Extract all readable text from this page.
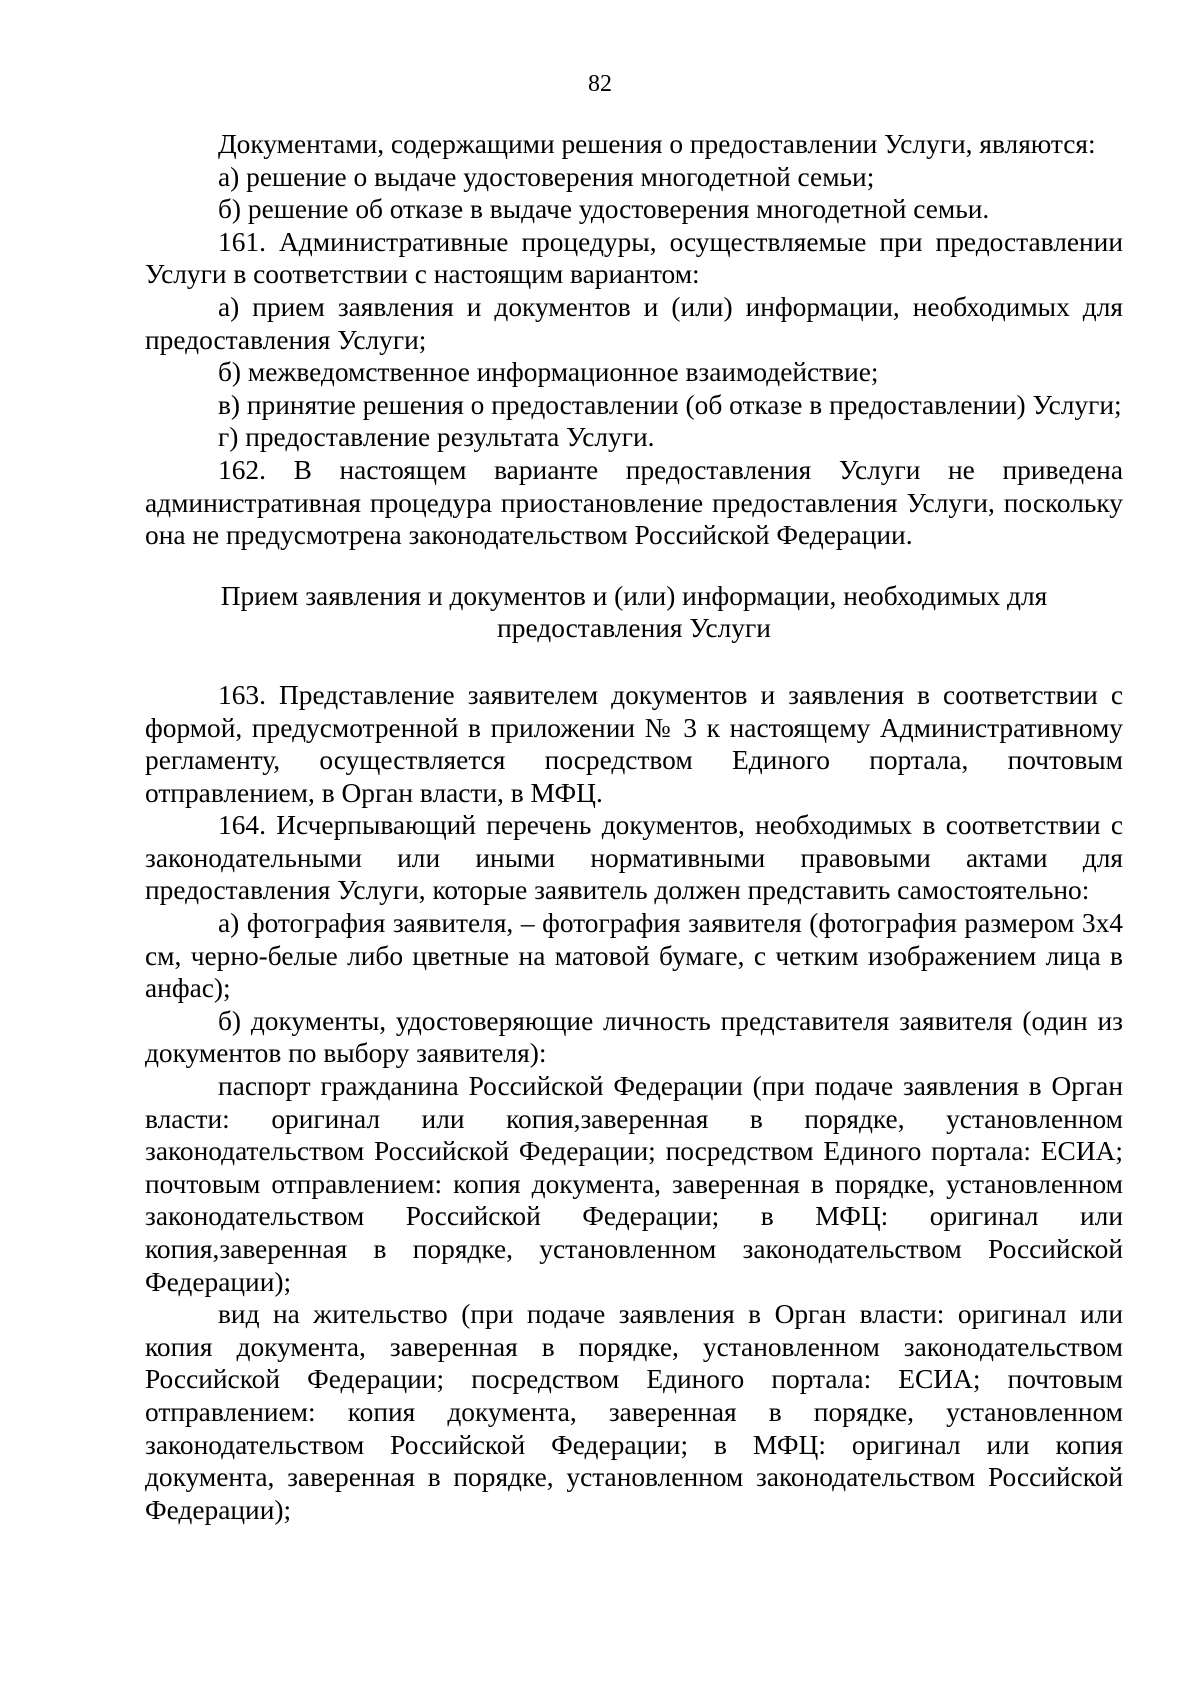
82

Документами, содержащими решения о предоставлении Услуги, являются:

а) решение о выдаче удостоверения многодетной семьи;

б) решение об отказе в выдаче удостоверения многодетной семьи.

161. Административные процедуры, осуществляемые при предоставлении Услуги в соответствии с настоящим вариантом:

а) прием заявления и документов и (или) информации, необходимых для предоставления Услуги;

б) межведомственное информационное взаимодействие;

в) принятие решения о предоставлении (об отказе в предоставлении) Услуги;

г) предоставление результата Услуги.

162. В настоящем варианте предоставления Услуги не приведена административная процедура приостановление предоставления Услуги, поскольку она не предусмотрена законодательством Российской Федерации.

Прием заявления и документов и (или) информации, необходимых для
предоставления Услуги

163. Представление заявителем документов и заявления в соответствии с формой, предусмотренной в приложении № 3 к настоящему Административному регламенту, осуществляется посредством Единого портала, почтовым отправлением, в Орган власти, в МФЦ.

164. Исчерпывающий перечень документов, необходимых в соответствии с законодательными или иными нормативными правовыми актами для предоставления Услуги, которые заявитель должен представить самостоятельно:

а) фотография заявителя, – фотография заявителя (фотография размером 3x4 см, черно-белые либо цветные на матовой бумаге, с четким изображением лица в анфас);

б) документы, удостоверяющие личность представителя заявителя (один из документов по выбору заявителя):

паспорт гражданина Российской Федерации (при подаче заявления в Орган власти: оригинал или копия,заверенная в порядке, установленном законодательством Российской Федерации; посредством Единого портала: ЕСИА; почтовым отправлением: копия документа, заверенная в порядке, установленном законодательством Российской Федерации; в МФЦ: оригинал или копия,заверенная в порядке, установленном законодательством Российской Федерации);

вид на жительство (при подаче заявления в Орган власти: оригинал или копия документа, заверенная в порядке, установленном законодательством Российской Федерации; посредством Единого портала: ЕСИА; почтовым отправлением: копия документа, заверенная в порядке, установленном законодательством Российской Федерации; в МФЦ: оригинал или копия документа, заверенная в порядке, установленном законодательством Российской Федерации);
